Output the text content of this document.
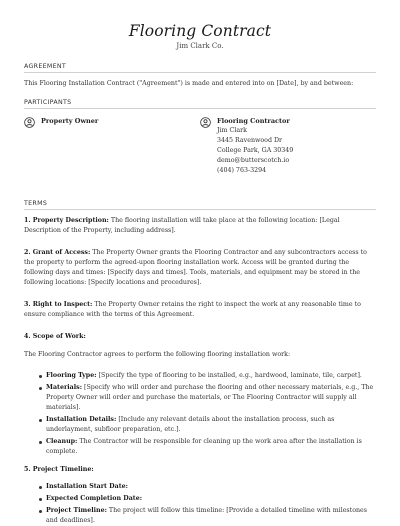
Flooring Contract
Jim Clark Co.
AGREEMENT
This Flooring Installation Contract ("Agreement") is made and entered into on [Date], by and between:
PARTICIPANTS
Property Owner	Flooring Contractor
Jim Clark
3445 Ravenwood Dr
College Park, GA 30349
demo@butterscotch.io
(404) 763-3294
TERMS

1. Property Description: The flooring installation will take place at the following location: [Legal Description of the Property, including address].

2. Grant of Access: The Property Owner grants the Flooring Contractor and any subcontractors access to the property to perform the agreed-upon flooring installation work. Access will be granted during the following days and times: [Specify days and times]. Tools, materials, and equipment may be stored in the following locations: [Specify locations and procedures].

3. Right to Inspect: The Property Owner retains the right to inspect the work at any reasonable time to ensure compliance with the terms of this Agreement.

4. Scope of Work:

The Flooring Contractor agrees to perform the following flooring installation work:

Flooring Type: [Specify the type of flooring to be installed, e.g., hardwood, laminate, tile, carpet].
Materials: [Specify who will order and purchase the flooring and other necessary materials, e.g., The Property Owner will order and purchase the materials, or The Flooring Contractor will supply all materials].
Installation Details: [Include any relevant details about the installation process, such as underlayment, subfloor preparation, etc.].
Cleanup: The Contractor will be responsible for cleaning up the work area after the installation is complete.
5. Project Timeline:
Installation Start Date:
Expected Completion Date:
Project Timeline: The project will follow this timeline: [Provide a detailed timeline with milestones and deadlines].
